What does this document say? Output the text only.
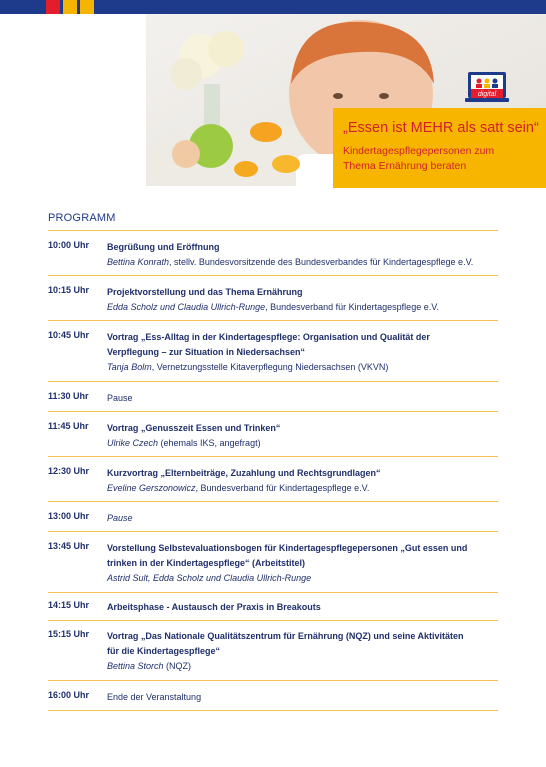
digital
„Essen ist MEHR als satt sein“
Kindertagespflegepersonen zum
Thema Ernährung beraten
PROGRAMM
10:00 Uhr	Begrüßung und Eröffnung
Bettina Konrath, stellv. Bundesvorsitzende des Bundesverbandes für Kindertagespflege e.V.
10:15 Uhr	Projektvorstellung und das Thema Ernährung
Edda Scholz und Claudia Ullrich-Runge, Bundesverband für Kindertagespflege e.V.
10:45 Uhr	Vortrag „Ess-Alltag in der Kindertagespflege: Organisation und Qualität der
Verpflegung – zur Situation in Niedersachsen“
Tanja Bolm, Vernetzungsstelle Kitaverpflegung Niedersachsen (VKVN)
11:30 Uhr	Pause
11:45 Uhr	Vortrag „Genusszeit Essen und Trinken“
Ulrike Czech (ehemals IKS, angefragt)
12:30 Uhr	Kurzvortrag „Elternbeiträge, Zuzahlung und Rechtsgrundlagen“
Eveline Gerszonowicz, Bundesverband für Kindertagespflege e.V.
13:00 Uhr	Pause
13:45 Uhr	Vorstellung Selbstevaluationsbogen für Kindertagespflegepersonen „Gut essen und
trinken in der Kindertagespflege“ (Arbeitstitel)
Astrid Sult, Edda Scholz und Claudia Ullrich-Runge
14:15 Uhr	Arbeitsphase - Austausch der Praxis in Breakouts
15:15 Uhr	Vortrag „Das Nationale Qualitätszentrum für Ernährung (NQZ) und seine Aktivitäten
für die Kindertagespflege“
Bettina Storch (NQZ)
16:00 Uhr	Ende der Veranstaltung
